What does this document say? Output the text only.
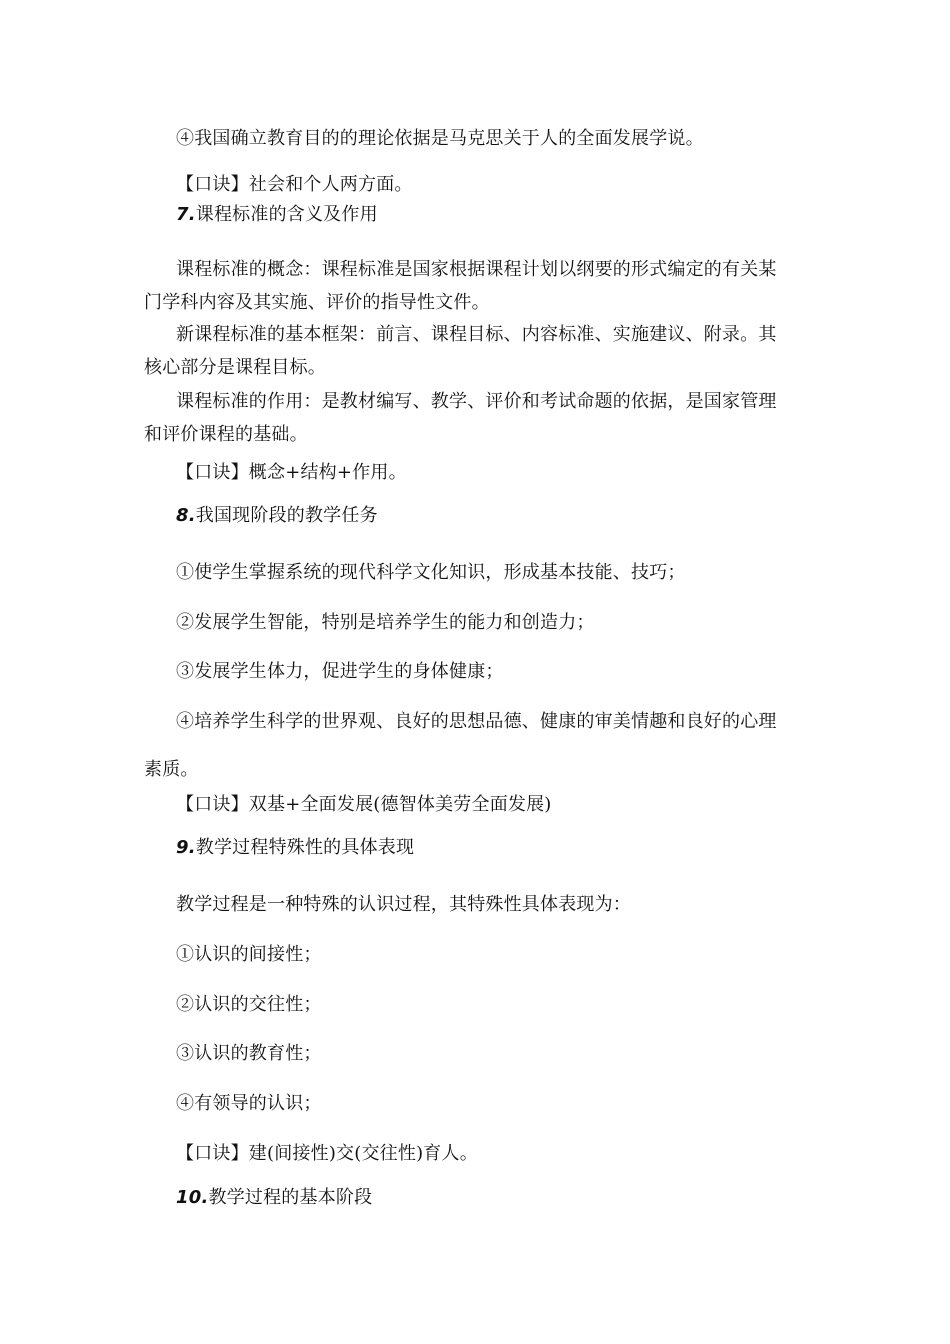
④我国确立教育目的的理论依据是马克思关于人的全面发展学说。
【口诀】社会和个人两方面。
7.课程标准的含义及作用
课程标准的概念：课程标准是国家根据课程计划以纲要的形式编定的有关某
门学科内容及其实施、评价的指导性文件。
新课程标准的基本框架：前言、课程目标、内容标准、实施建议、附录。其
核心部分是课程目标。
课程标准的作用：是教材编写、教学、评价和考试命题的依据，是国家管理
和评价课程的基础。
【口诀】概念+结构+作用。
8.我国现阶段的教学任务
①使学生掌握系统的现代科学文化知识，形成基本技能、技巧；
②发展学生智能，特别是培养学生的能力和创造力；
③发展学生体力，促进学生的身体健康；
④培养学生科学的世界观、良好的思想品德、健康的审美情趣和良好的心理
素质。
【口诀】双基+全面发展(德智体美劳全面发展)
9.教学过程特殊性的具体表现
教学过程是一种特殊的认识过程，其特殊性具体表现为：
①认识的间接性；
②认识的交往性；
③认识的教育性；
④有领导的认识；
【口诀】建(间接性)交(交往性)育人。
10.教学过程的基本阶段
